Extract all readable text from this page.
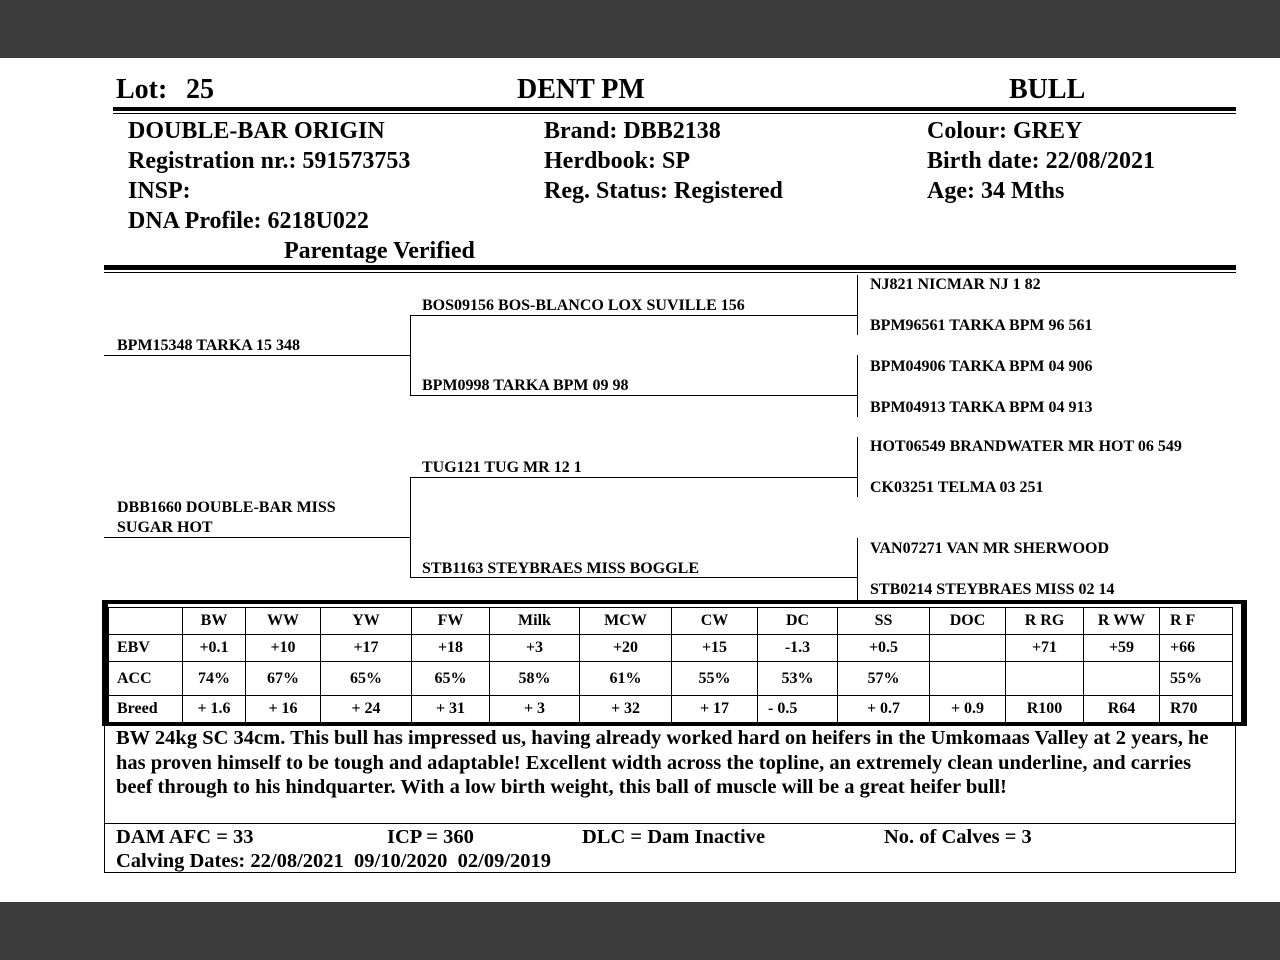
Lot: 25	DENT PM	BULL
DOUBLE-BAR ORIGIN
Registration nr.: 591573753
INSP:
DNA Profile: 6218U022
Parentage Verified
Brand: DBB2138
Herdbook: SP
Reg. Status: Registered
Colour: GREY
Birth date: 22/08/2021
Age: 34 Mths
BPM15348 TARKA 15 348
DBB1660 DOUBLE-BAR MISS
SUGAR HOT
BOS09156 BOS-BLANCO LOX SUVILLE 156
BPM0998 TARKA BPM 09 98
TUG121 TUG MR 12 1
STB1163 STEYBRAES MISS BOGGLE
NJ821 NICMAR NJ 1 82
BPM96561 TARKA BPM 96 561
BPM04906 TARKA BPM 04 906
BPM04913 TARKA BPM 04 913
HOT06549 BRANDWATER MR HOT 06 549
CK03251 TELMA 03 251
VAN07271 VAN MR SHERWOOD
STB0214 STEYBRAES MISS 02 14
	BW	WW	YW	FW	Milk	MCW	CW	DC	SS	DOC	R RG	R WW	R F
EBV	+0.1	+10	+17	+18	+3	+20	+15	-1.3	+0.5		+71	+59	+66
ACC	74%	67%	65%	65%	58%	61%	55%	53%	57%				55%
Breed	+ 1.6	+ 16	+ 24	+ 31	+ 3	+ 32	+ 17	- 0.5	+ 0.7	+ 0.9	R100	R64	R70
BW 24kg SC 34cm. This bull has impressed us, having already worked hard on heifers in the Umkomaas Valley at 2 years, he has proven himself to be tough and adaptable! Excellent width across the topline, an extremely clean underline, and carries beef through to his hindquarter. With a low birth weight, this ball of muscle will be a great heifer bull!
DAM AFC = 33	ICP = 360	DLC = Dam Inactive	No. of Calves = 3
Calving Dates: 22/08/2021  09/10/2020  02/09/2019
